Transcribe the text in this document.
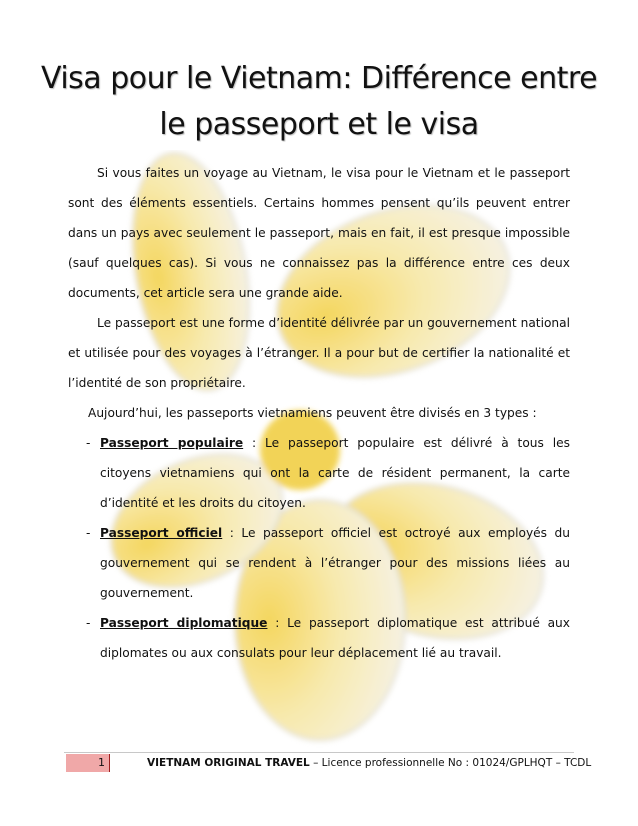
Visa pour le Vietnam: Différence entre
le passeport et le visa

Si vous faites un voyage au Vietnam, le visa pour le Vietnam et le passeport sont des éléments essentiels. Certains hommes pensent qu’ils peuvent entrer dans un pays avec seulement le passeport, mais en fait, il est presque impossible (sauf quelques cas). Si vous ne connaissez pas la différence entre ces deux documents, cet article sera une grande aide.

Le passeport est une forme d’identité délivrée par un gouvernement national et utilisée pour des voyages à l’étranger. Il a pour but de certifier la nationalité et l’identité de son propriétaire.

Aujourd’hui, les passeports vietnamiens peuvent être divisés en 3 types :

- Passeport populaire : Le passeport populaire est délivré à tous les citoyens vietnamiens qui ont la carte de résident permanent, la carte d’identité et les droits du citoyen.
- Passeport officiel : Le passeport officiel est octroyé aux employés du gouvernement qui se rendent à l’étranger pour des missions liées au gouvernement.
- Passeport diplomatique : Le passeport diplomatique est attribué aux diplomates ou aux consulats pour leur déplacement lié au travail.
1	VIETNAM ORIGINAL TRAVEL – Licence professionnelle No : 01024/GPLHQT – TCDL
